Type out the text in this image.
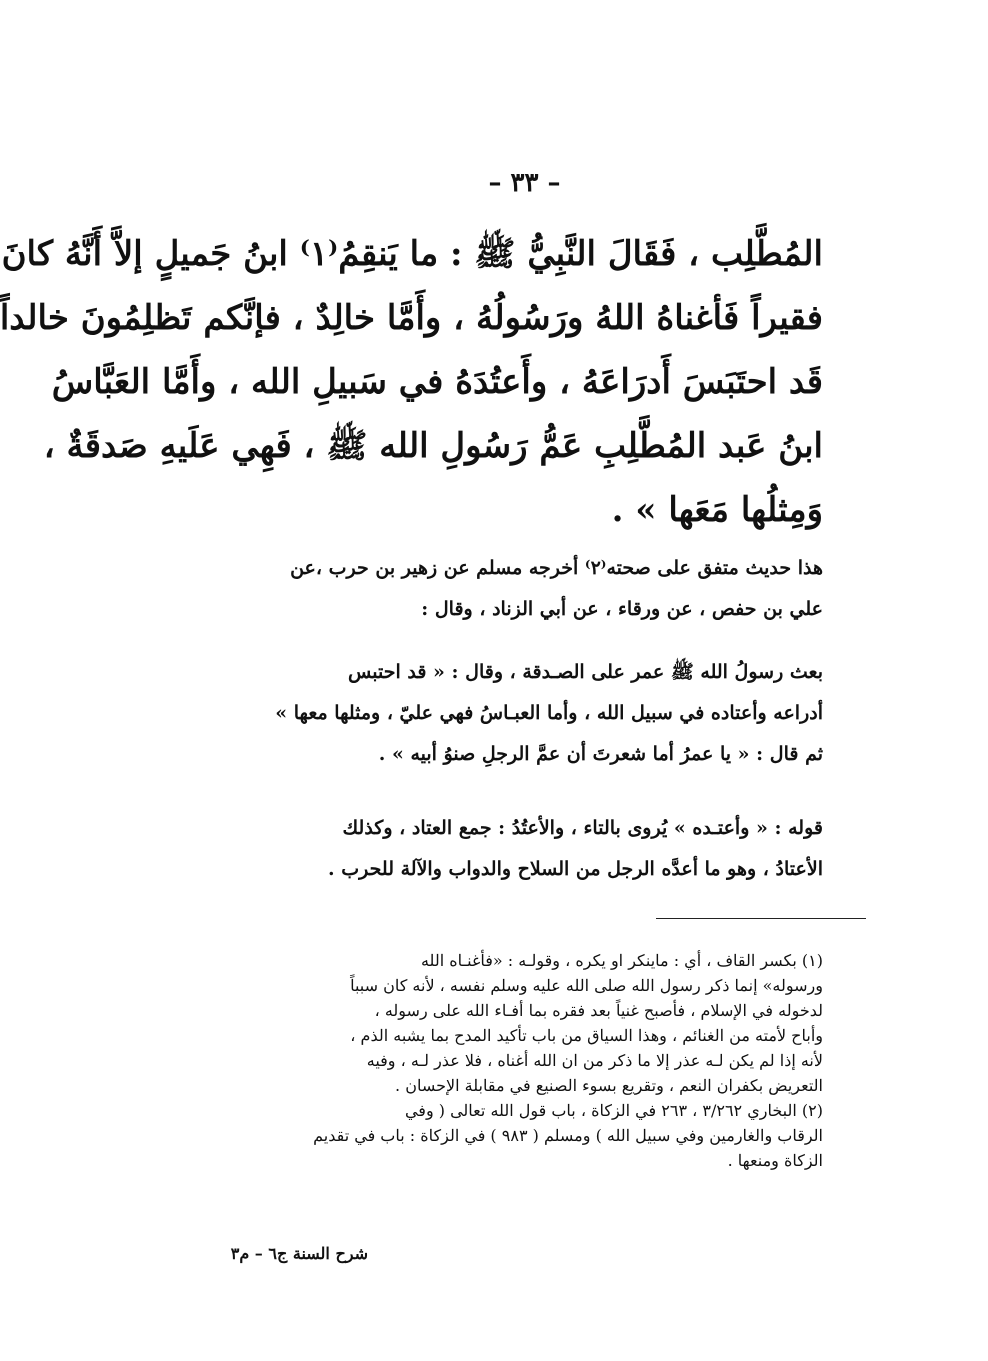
– ٣٣ –
المُطَّلِب ، فَقَالَ النَّبِيُّ ﷺ : ما يَنقِمُ⁽١⁾ ابنُ جَميلٍ إلاَّ أَنَّهُ كانَ
فقيراً فَأغناهُ اللهُ ورَسُولُهُ ، وأَمَّا خالِدٌ ، فإنَّكم تَظلِمُونَ خالداً
قَد احتَبَسَ أَدرَاعَهُ ، وأَعتُدَهُ في سَبيلِ الله ، وأَمَّا العَبَّاسُ
ابنُ عَبد المُطَّلِبِ عَمُّ رَسُولِ الله ﷺ ، فَهِي عَلَيهِ صَدقَةٌ ،
وَمِثلُها مَعَها » .
هذا حديث متفق على صحته⁽٢⁾ أخرجه مسلم عن زهير بن حرب ،عن
علي بن حفص ، عن ورقاء ، عن أبي الزناد ، وقال :
بعث رسولُ الله ﷺ عمر على الصـدقة ، وقال : « قد احتبس
أدراعه وأعتاده في سبيل الله ، وأما العبـاسُ فهي عليّ ، ومثلها معها »
ثم قال : « يا عمرُ أما شعرتَ أن عمَّ الرجلِ صنوُ أبيه » .
قوله : « وأعتـده » يُروى بالتاء ، والأعتُدُ : جمع العتاد ، وكذلك
الأعتادُ ، وهو ما أعدَّه الرجل من السلاح والدواب والآلة للحرب .
(١) بكسر القاف ، أي : ماينكر او يكره ، وقولـه : «فأغنـاه الله
ورسوله» إنما ذكر رسول الله صلى الله عليه وسلم نفسه ، لأنه كان سبباً
لدخوله في الإسلام ، فأصبح غنياً بعد فقره بما أفـاء الله على رسوله ،
وأباح لأمته من الغنائم ، وهذا السياق من باب تأكيد المدح بما يشبه الذم ،
لأنه إذا لم يكن لـه عذر إلا ما ذكر من ان الله أغناه ، فلا عذر لـه ، وفيه
التعريض بكفران النعم ، وتقريع بسوء الصنيع في مقابلة الإحسان .
(٢) البخاري ٣/٢٦٢ ، ٢٦٣ في الزكاة ، باب قول الله تعالى ( وفي
الرقاب والغارمين وفي سبيل الله ) ومسلم ( ٩٨٣ ) في الزكاة : باب في تقديم
الزكاة ومنعها .
شرح السنة ج٦ – م٣
